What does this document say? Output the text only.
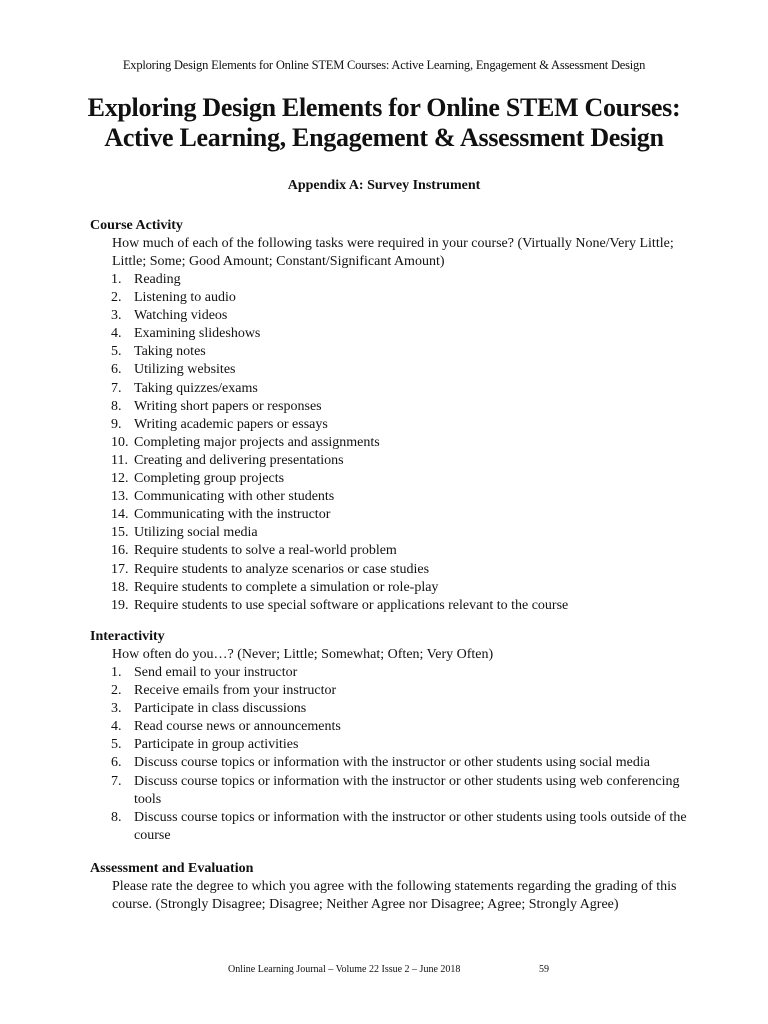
Exploring Design Elements for Online STEM Courses: Active Learning, Engagement & Assessment Design
Exploring Design Elements for Online STEM Courses:
Active Learning, Engagement & Assessment Design
Appendix A: Survey Instrument

Course Activity

How much of each of the following tasks were required in your course? (Virtually None/Very Little; Little; Some; Good Amount; Constant/Significant Amount)

1. Reading
2. Listening to audio
3. Watching videos
4. Examining slideshows
5. Taking notes
6. Utilizing websites
7. Taking quizzes/exams
8. Writing short papers or responses
9. Writing academic papers or essays
10. Completing major projects and assignments
11. Creating and delivering presentations
12. Completing group projects
13. Communicating with other students
14. Communicating with the instructor
15. Utilizing social media
16. Require students to solve a real-world problem
17. Require students to analyze scenarios or case studies
18. Require students to complete a simulation or role-play
19. Require students to use special software or applications relevant to the course

Interactivity

How often do you…? (Never; Little; Somewhat; Often; Very Often)

1. Send email to your instructor
2. Receive emails from your instructor
3. Participate in class discussions
4. Read course news or announcements
5. Participate in group activities
6. Discuss course topics or information with the instructor or other students using social media
7. Discuss course topics or information with the instructor or other students using web conferencing tools
8. Discuss course topics or information with the instructor or other students using tools outside of the course

Assessment and Evaluation

Please rate the degree to which you agree with the following statements regarding the grading of this course. (Strongly Disagree; Disagree; Neither Agree nor Disagree; Agree; Strongly Agree)

Online Learning Journal – Volume 22 Issue 2 – June 2018	59
